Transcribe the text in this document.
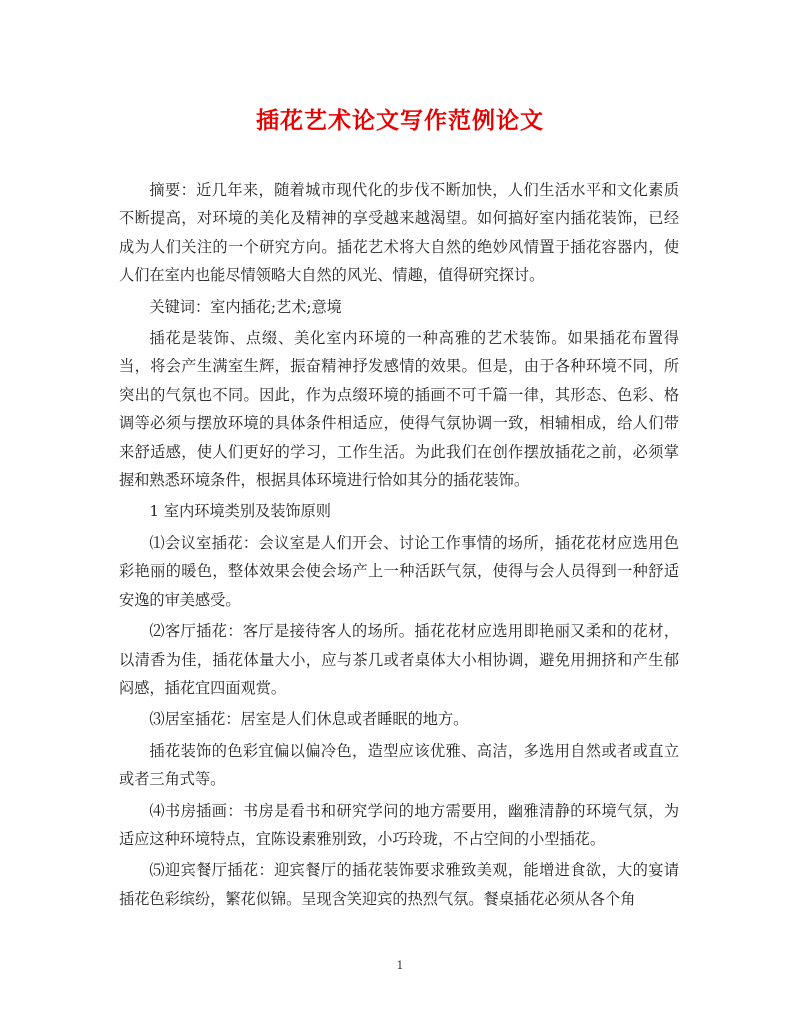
插花艺术论文写作范例论文

摘要：近几年来，随着城市现代化的步伐不断加快，人们生活水平和文化素质不断提高，对环境的美化及精神的享受越来越渴望。如何搞好室内插花装饰，已经成为人们关注的一个研究方向。插花艺术将大自然的绝妙风情置于插花容器内，使人们在室内也能尽情领略大自然的风光、情趣，值得研究探讨。

关键词：室内插花;艺术;意境

插花是装饰、点缀、美化室内环境的一种高雅的艺术装饰。如果插花布置得当，将会产生满室生辉，振奋精神抒发感情的效果。但是，由于各种环境不同，所突出的气氛也不同。因此，作为点缀环境的插画不可千篇一律，其形态、色彩、格调等必须与摆放环境的具体条件相适应，使得气氛协调一致，相辅相成，给人们带来舒适感，使人们更好的学习，工作生活。为此我们在创作摆放插花之前，必须掌握和熟悉环境条件，根据具体环境进行恰如其分的插花装饰。

1 室内环境类别及装饰原则

⑴会议室插花：会议室是人们开会、讨论工作事情的场所，插花花材应选用色彩艳丽的暖色，整体效果会使会场产上一种活跃气氛，使得与会人员得到一种舒适安逸的审美感受。

⑵客厅插花：客厅是接待客人的场所。插花花材应选用即艳丽又柔和的花材，以清香为佳，插花体量大小，应与茶几或者桌体大小相协调，避免用拥挤和产生郁闷感，插花宜四面观赏。

⑶居室插花：居室是人们休息或者睡眠的地方。

插花装饰的色彩宜偏以偏冷色，造型应该优雅、高洁，多选用自然或者或直立或者三角式等。

⑷书房插画：书房是看书和研究学问的地方需要用，幽雅清静的环境气氛，为适应这种环境特点，宜陈设素雅别致，小巧玲珑，不占空间的小型插花。

⑸迎宾餐厅插花：迎宾餐厅的插花装饰要求雅致美观，能增进食欲，大的宴请插花色彩缤纷，繁花似锦。呈现含笑迎宾的热烈气氛。餐桌插花必须从各个角

1
